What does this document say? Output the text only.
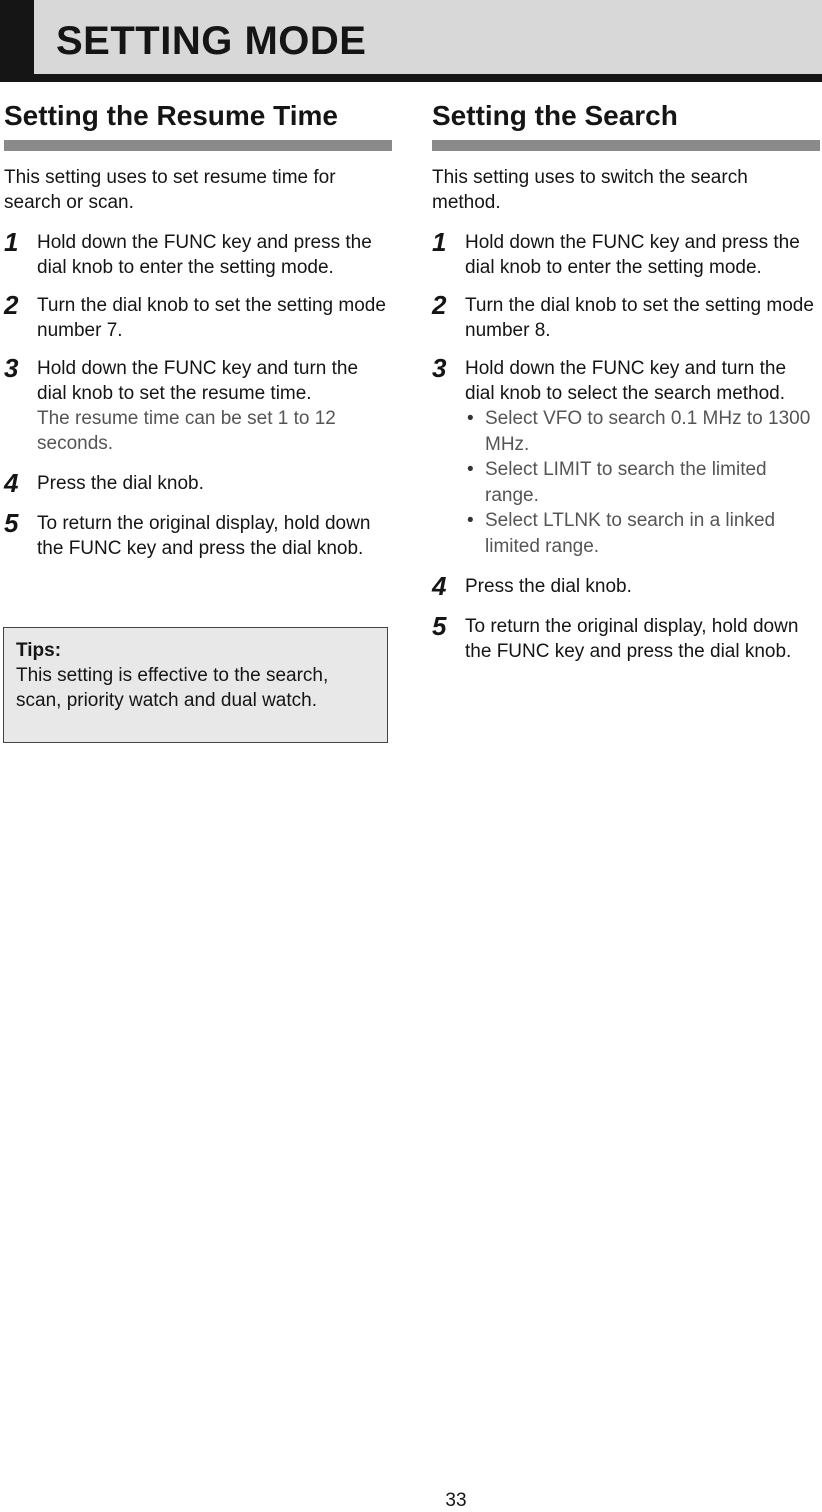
SETTING MODE
Setting the Resume Time

This setting uses to set resume time for search or scan.

1 Hold down the FUNC key and press the dial knob to enter the setting mode.
2 Turn the dial knob to set the setting mode number 7.
3 Hold down the FUNC key and turn the dial knob to set the resume time.
The resume time can be set 1 to 12 seconds.
4 Press the dial knob.
5 To return the original display, hold down the FUNC key and press the dial knob.

Tips:

This setting is effective to the search, scan, priority watch and dual watch.

Setting the Search

This setting uses to switch the search method.

1 Hold down the FUNC key and press the dial knob to enter the setting mode.
2 Turn the dial knob to set the setting mode number 8.
3 Hold down the FUNC key and turn the dial knob to select the search method.
• Select VFO to search 0.1 MHz to 1300 MHz.
• Select LIMIT to search the limited range.
• Select LTLNK to search in a linked limited range.
4 Press the dial knob.
5 To return the original display, hold down the FUNC key and press the dial knob.
33
